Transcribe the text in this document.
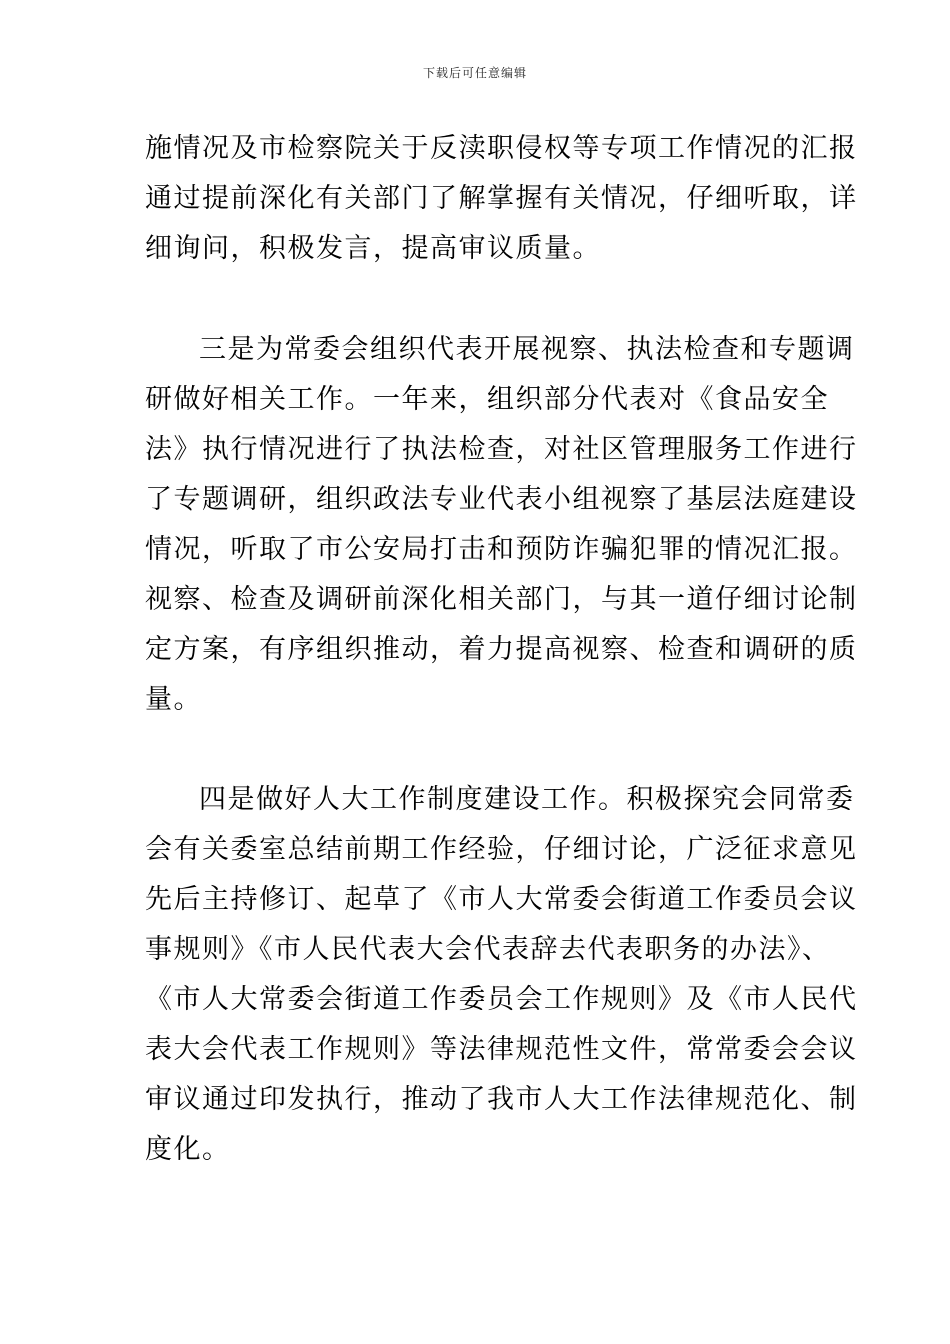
下载后可任意编辑
施情况及市检察院关于反渎职侵权等专项工作情况的汇报
通过提前深化有关部门了解掌握有关情况，仔细听取，详
细询问，积极发言，提高审议质量。
三是为常委会组织代表开展视察、执法检查和专题调
研做好相关工作。一年来，组织部分代表对《食品安全
法》执行情况进行了执法检查，对社区管理服务工作进行
了专题调研，组织政法专业代表小组视察了基层法庭建设
情况，听取了市公安局打击和预防诈骗犯罪的情况汇报。
视察、检查及调研前深化相关部门，与其一道仔细讨论制
定方案，有序组织推动，着力提高视察、检查和调研的质
量。
四是做好人大工作制度建设工作。积极探究会同常委
会有关委室总结前期工作经验，仔细讨论，广泛征求意见
先后主持修订、起草了《市人大常委会街道工作委员会议
事规则》《市人民代表大会代表辞去代表职务的办法》、
《市人大常委会街道工作委员会工作规则》及《市人民代
表大会代表工作规则》等法律规范性文件，常常委会会议
审议通过印发执行，推动了我市人大工作法律规范化、制
度化。
